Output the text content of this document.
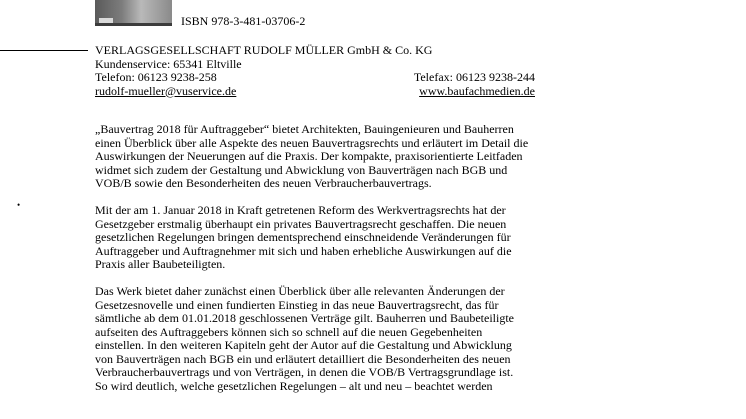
ISBN 978-3-481-03706-2
VERLAGSGESELLSCHAFT RUDOLF MÜLLER GmbH & Co. KG
Kundenservice: 65341 Eltville
Telefon: 06123 9238-258	Telefax: 06123 9238-244
rudolf-mueller@vuservice.de	www.baufachmedien.de
•

„Bauvertrag 2018 für Auftraggeber“ bietet Architekten, Bauingenieuren und Bauherren
einen Überblick über alle Aspekte des neuen Bauvertragsrechts und erläutert im Detail die
Auswirkungen der Neuerungen auf die Praxis. Der kompakte, praxisorientierte Leitfaden
widmet sich zudem der Gestaltung und Abwicklung von Bauverträgen nach BGB und
VOB/B sowie den Besonderheiten des neuen Verbraucherbauvertrags.

Mit der am 1. Januar 2018 in Kraft getretenen Reform des Werkvertragsrechts hat der
Gesetzgeber erstmalig überhaupt ein privates Bauvertragsrecht geschaffen. Die neuen
gesetzlichen Regelungen bringen dementsprechend einschneidende Veränderungen für
Auftraggeber und Auftragnehmer mit sich und haben erhebliche Auswirkungen auf die
Praxis aller Baubeteiligten.

Das Werk bietet daher zunächst einen Überblick über alle relevanten Änderungen der
Gesetzesnovelle und einen fundierten Einstieg in das neue Bauvertragsrecht, das für
sämtliche ab dem 01.01.2018 geschlossenen Verträge gilt. Bauherren und Baubeteiligte
aufseiten des Auftraggebers können sich so schnell auf die neuen Gegebenheiten
einstellen. In den weiteren Kapiteln geht der Autor auf die Gestaltung und Abwicklung
von Bauverträgen nach BGB ein und erläutert detailliert die Besonderheiten des neuen
Verbraucherbauvertrags und von Verträgen, in denen die VOB/B Vertragsgrundlage ist.
So wird deutlich, welche gesetzlichen Regelungen – alt und neu – beachtet werden
